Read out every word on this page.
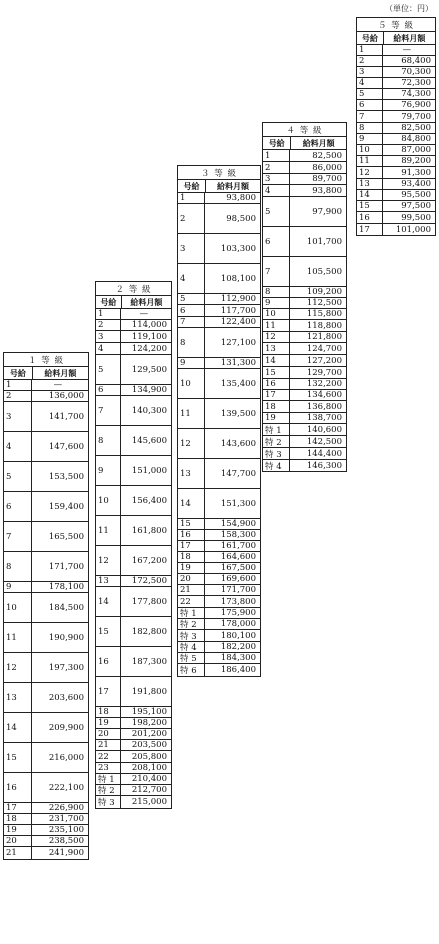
（単位：円）
１ 等 級
号給	給料月額
1	—
2	136,000
3	141,700
4	147,600
5	153,500
6	159,400
7	165,500
8	171,700
9	178,100
10	184,500
11	190,900
12	197,300
13	203,600
14	209,900
15	216,000
16	222,100
17	226,900
18	231,700
19	235,100
20	238,500
21	241,900
２ 等 級
号給	給料月額
1	—
2	114,000
3	119,100
4	124,200
5	129,500
6	134,900
7	140,300
8	145,600
9	151,000
10	156,400
11	161,800
12	167,200
13	172,500
14	177,800
15	182,800
16	187,300
17	191,800
18	195,100
19	198,200
20	201,200
21	203,500
22	205,800
23	208,100
特 1	210,400
特 2	212,700
特 3	215,000
３ 等 級
号給	給料月額
1	93,800
2	98,500
3	103,300
4	108,100
5	112,900
6	117,700
7	122,400
8	127,100
9	131,300
10	135,400
11	139,500
12	143,600
13	147,700
14	151,300
15	154,900
16	158,300
17	161,700
18	164,600
19	167,500
20	169,600
21	171,700
22	173,800
特 1	175,900
特 2	178,000
特 3	180,100
特 4	182,200
特 5	184,300
特 6	186,400
４ 等 級
号給	給料月額
1	82,500
2	86,000
3	89,700
4	93,800
5	97,900
6	101,700
7	105,500
8	109,200
9	112,500
10	115,800
11	118,800
12	121,800
13	124,700
14	127,200
15	129,700
16	132,200
17	134,600
18	136,800
19	138,700
特 1	140,600
特 2	142,500
特 3	144,400
特 4	146,300
５ 等 級
号給	給料月額
1	—
2	68,400
3	70,300
4	72,300
5	74,300
6	76,900
7	79,700
8	82,500
9	84,800
10	87,000
11	89,200
12	91,300
13	93,400
14	95,500
15	97,500
16	99,500
17	101,000
